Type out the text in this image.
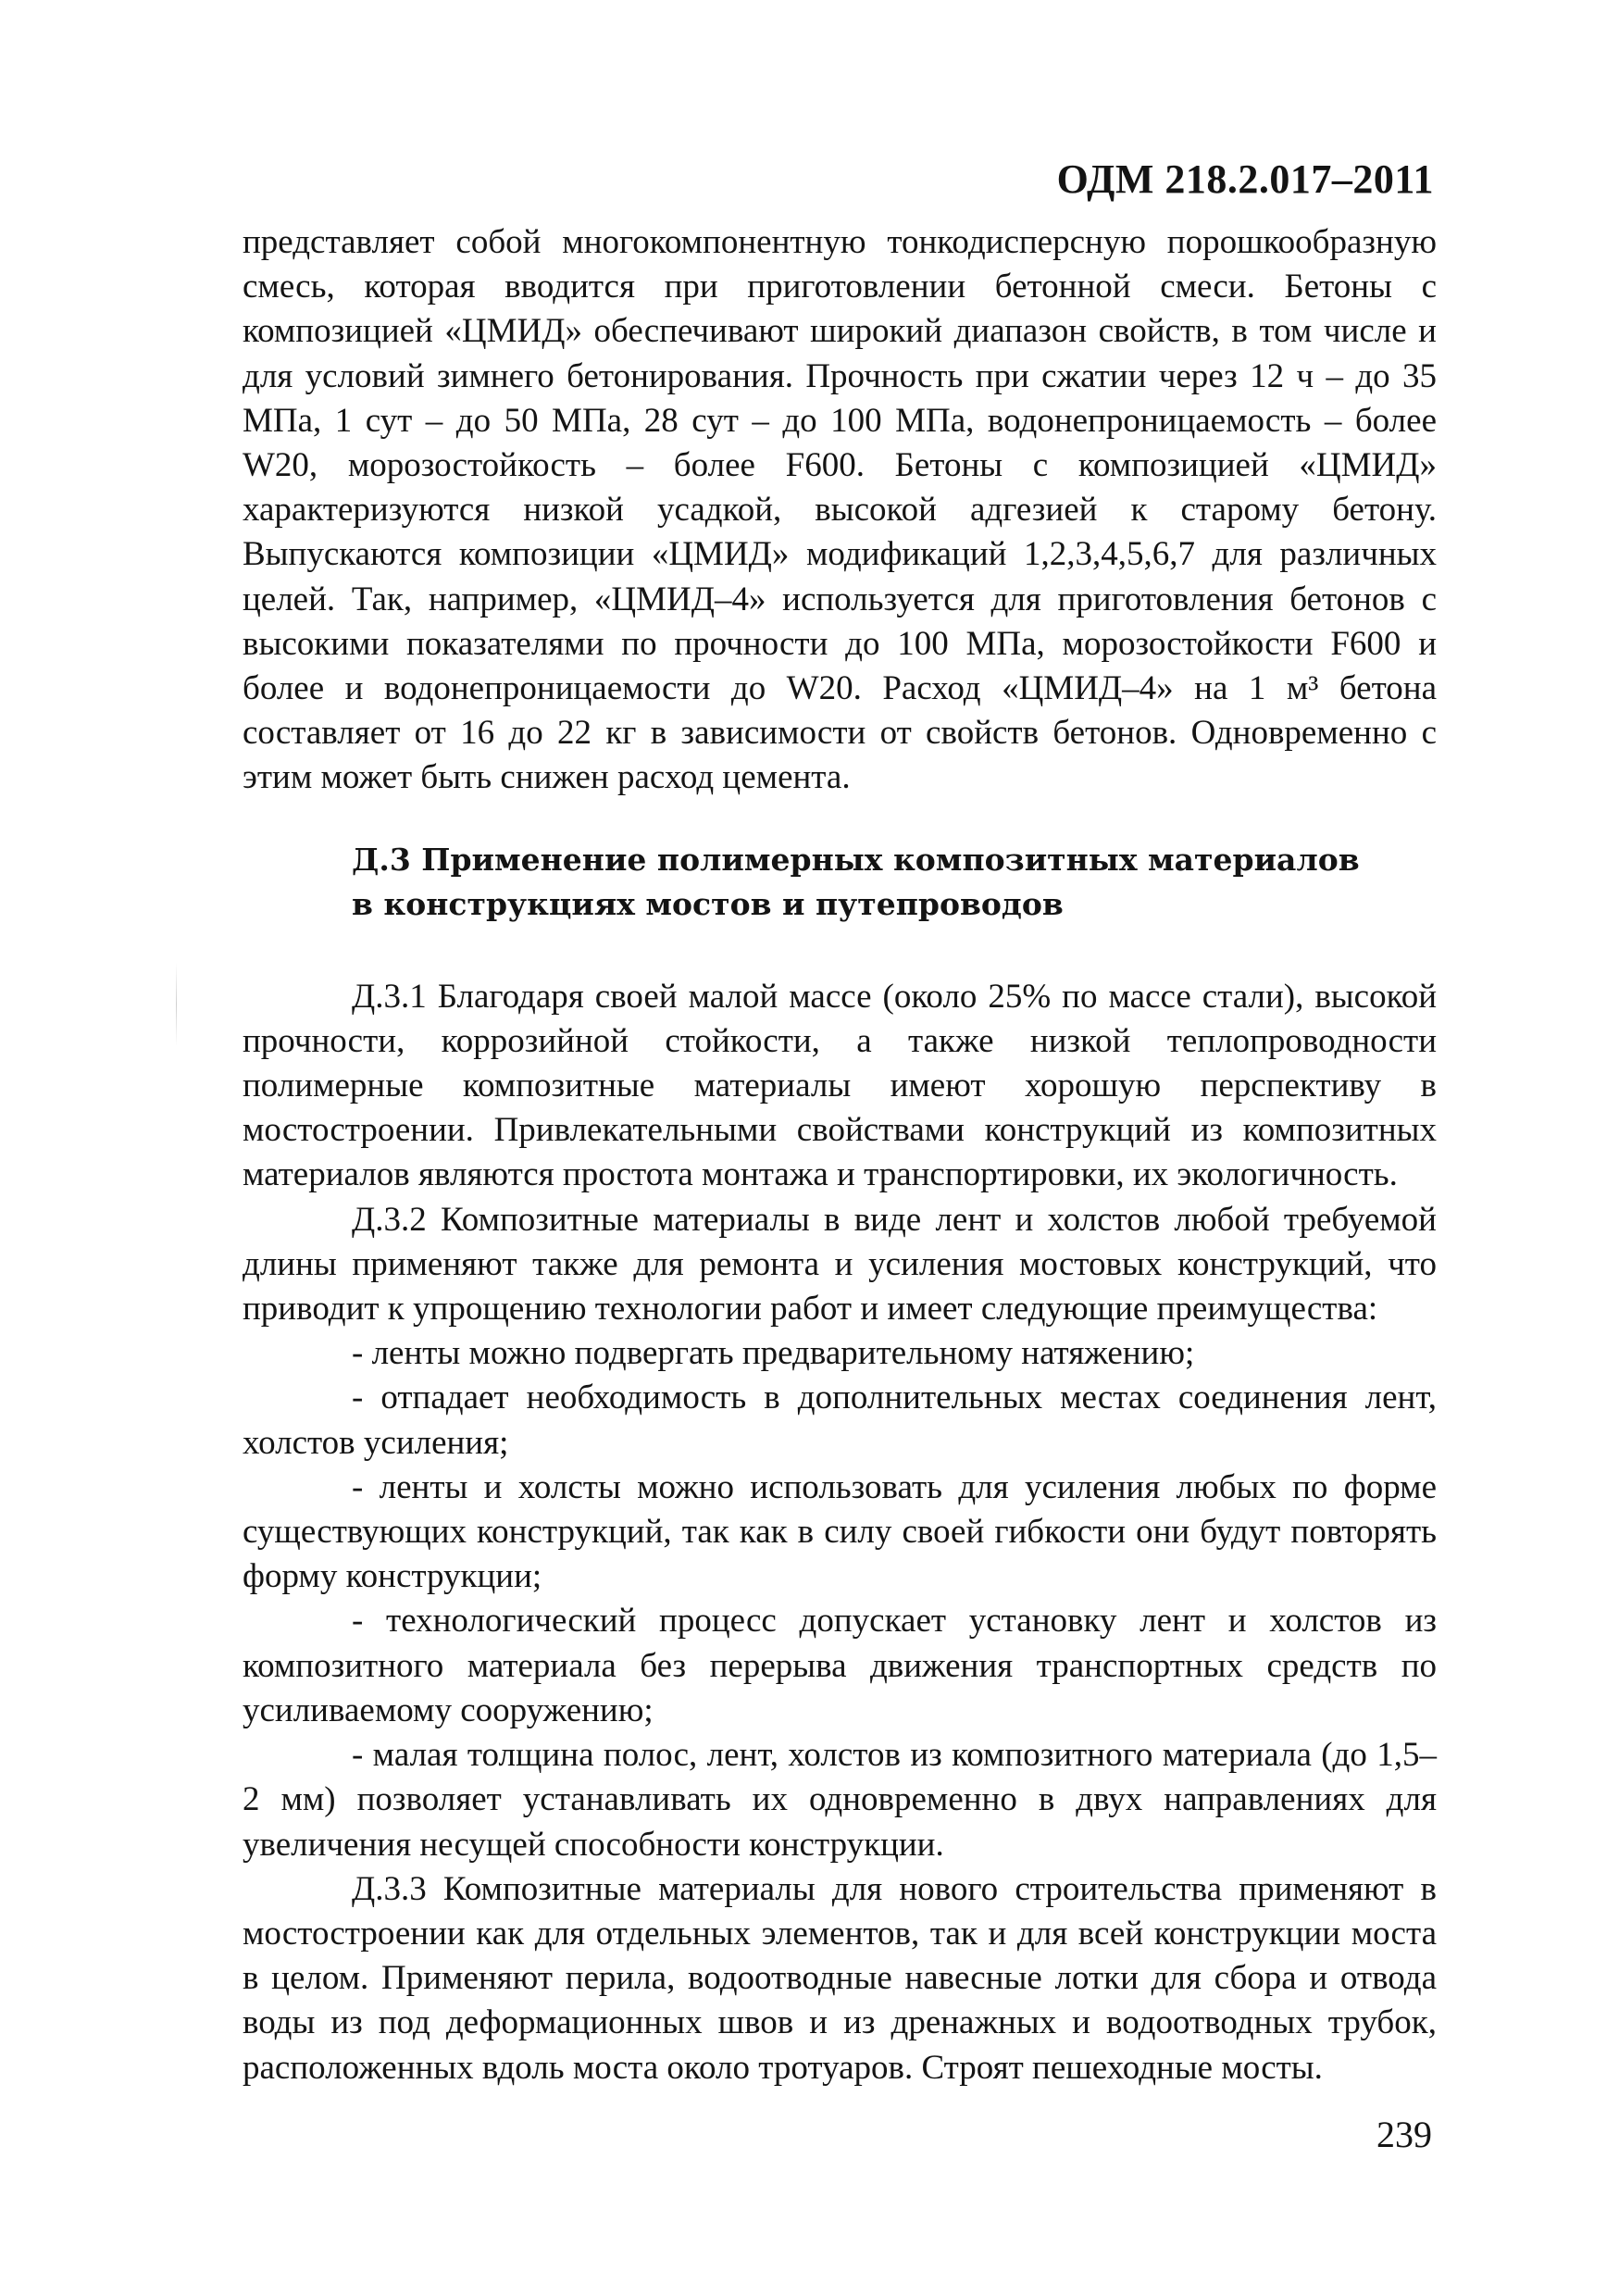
ОДМ 218.2.017–2011

представляет собой многокомпонентную тонкодисперсную порошкообразную смесь, которая вводится при приготовлении бетонной смеси. Бетоны с композицией «ЦМИД» обеспечивают широкий диапазон свойств, в том числе и для условий зимнего бетонирования. Прочность при сжатии через 12 ч – до 35 МПа, 1 сут – до 50 МПа, 28 сут – до 100 МПа, водонепроницаемость – более W20, морозостойкость – более F600. Бетоны с композицией «ЦМИД» характеризуются низкой усадкой, высокой адгезией к старому бетону. Выпускаются композиции «ЦМИД» модификаций 1,2,3,4,5,6,7 для различных целей. Так, например, «ЦМИД–4» используется для приготовления бетонов с высокими показателями по прочности до 100 МПа, морозостойкости F600 и более и водонепроницаемости до W20. Расход «ЦМИД–4» на 1 м³ бетона составляет от 16 до 22 кг в зависимости от свойств бетонов. Одновременно с этим может быть снижен расход цемента.

Д.3 Применение полимерных композитных материалов
в конструкциях мостов и путепроводов

Д.3.1 Благодаря своей малой массе (около 25% по массе стали), высокой прочности, коррозийной стойкости, а также низкой теплопроводности полимерные композитные материалы имеют хорошую перспективу в мостостроении. Привлекательными свойствами конструкций из композитных материалов являются простота монтажа и транспортировки, их экологичность.

Д.3.2 Композитные материалы в виде лент и холстов любой требуемой длины применяют также для ремонта и усиления мостовых конструкций, что приводит к упрощению технологии работ и имеет следующие преимущества:

- ленты можно подвергать предварительному натяжению;

- отпадает необходимость в дополнительных местах соединения лент, холстов усиления;

- ленты и холсты можно использовать для усиления любых по форме существующих конструкций, так как в силу своей гибкости они будут повторять форму конструкции;

- технологический процесс допускает установку лент и холстов из композитного материала без перерыва движения транспортных средств по усиливаемому сооружению;

- малая толщина полос, лент, холстов из композитного материала (до 1,5–2 мм) позволяет устанавливать их одновременно в двух направлениях для увеличения несущей способности конструкции.

Д.3.3 Композитные материалы для нового строительства применяют в мостостроении как для отдельных элементов, так и для всей конструкции моста в целом. Применяют перила, водоотводные навесные лотки для сбора и отвода воды из под деформационных швов и из дренажных и водоотводных трубок, расположенных вдоль моста около тротуаров. Строят пешеходные мосты.

239
